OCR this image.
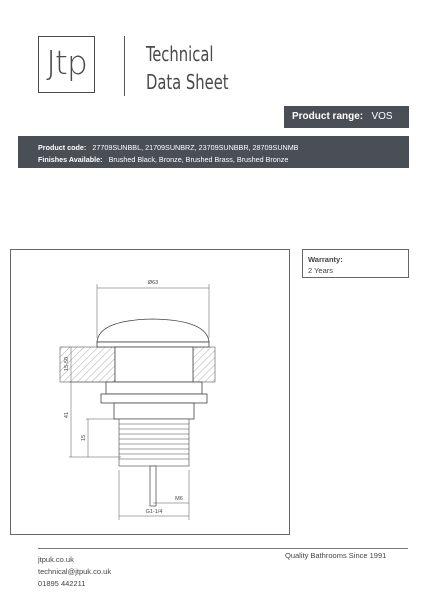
Jtp	Technical
Data Sheet
Product range: VOS
Product code: 27709SUNBBL, 21709SUNBRZ, 23709SUNBBR, 28709SUNMB
Finishes Available: Brushed Black, Bronze, Brushed Brass, Brushed Bronze
Ø63
15-50
41
15
M6
G1-1/4
Warranty:
2 Years
jtpuk.co.uk
technical@jtpuk.co.uk
01895 442211
Quality Bathrooms Since 1991
